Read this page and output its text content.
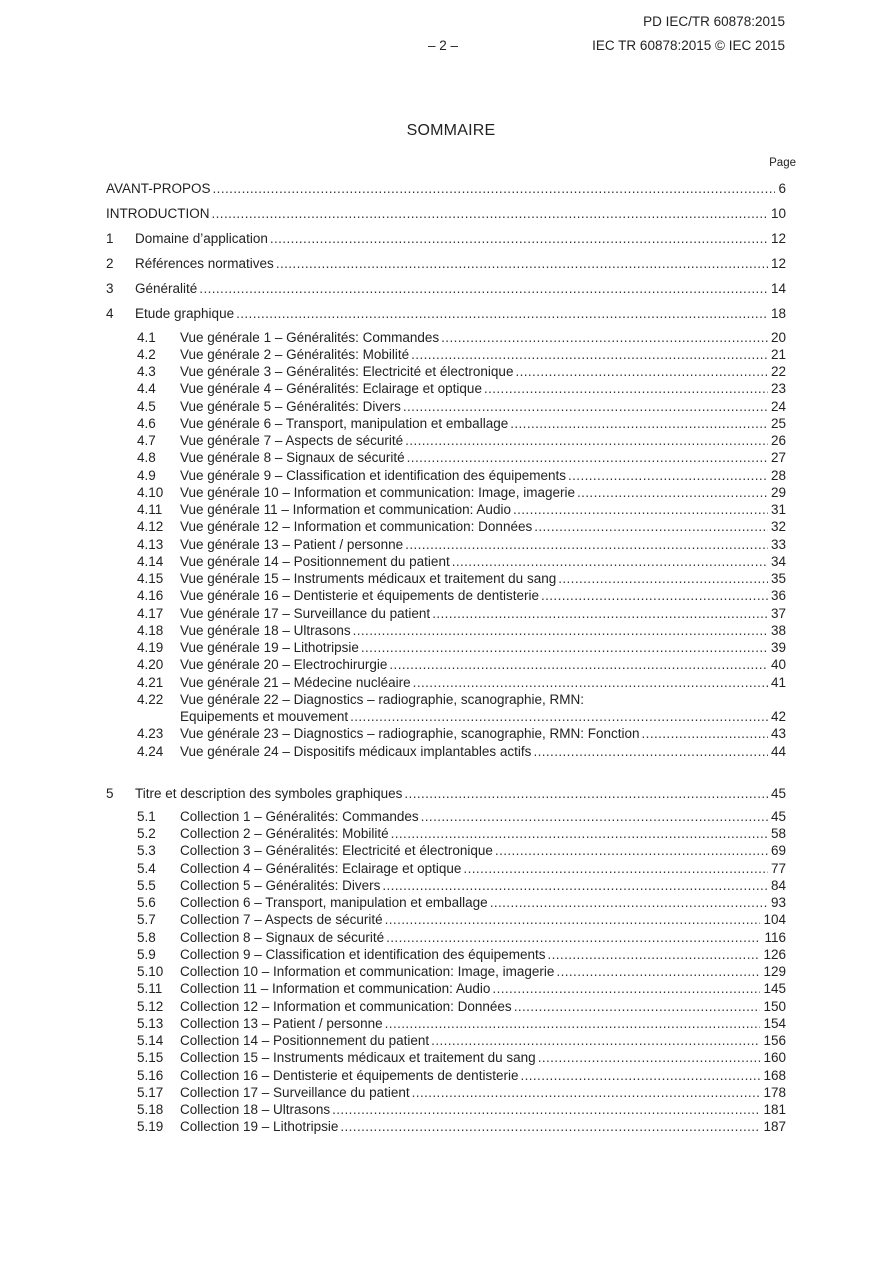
PD IEC/TR 60878:2015
– 2 –	IEC TR 60878:2015 © IEC 2015
SOMMAIRE
Page
AVANT-PROPOS .....	6
INTRODUCTION .....	10
1	Domaine d’application .....	12
2	Références normatives .....	12
3	Généralité .....	14
4	Etude graphique .....	18
4.1	Vue générale 1 – Généralités: Commandes .....	20
4.2	Vue générale 2 – Généralités: Mobilité .....	21
4.3	Vue générale 3 – Généralités: Electricité et électronique .....	22
4.4	Vue générale 4 – Généralités: Eclairage et optique .....	23
4.5	Vue générale 5 – Généralités: Divers .....	24
4.6	Vue générale 6 – Transport, manipulation et emballage .....	25
4.7	Vue générale 7 – Aspects de sécurité .....	26
4.8	Vue générale 8 – Signaux de sécurité .....	27
4.9	Vue générale 9 – Classification et identification des équipements .....	28
4.10	Vue générale 10 – Information et communication: Image, imagerie .....	29
4.11	Vue générale 11 – Information et communication: Audio .....	31
4.12	Vue générale 12 – Information et communication: Données .....	32
4.13	Vue générale 13 – Patient / personne .....	33
4.14	Vue générale 14 – Positionnement du patient .....	34
4.15	Vue générale 15 – Instruments médicaux et traitement du sang .....	35
4.16	Vue générale 16 – Dentisterie et équipements de dentisterie .....	36
4.17	Vue générale 17 – Surveillance du patient .....	37
4.18	Vue générale 18 – Ultrasons .....	38
4.19	Vue générale 19 – Lithotripsie .....	39
4.20	Vue générale 20 – Electrochirurgie .....	40
4.21	Vue générale 21 – Médecine nucléaire .....	41
4.22	Vue générale 22 – Diagnostics – radiographie, scanographie, RMN:
Equipements et mouvement .....	42
4.23	Vue générale 23 – Diagnostics – radiographie, scanographie, RMN: Fonction .....	43
4.24	Vue générale 24 – Dispositifs médicaux implantables actifs .....	44
5	Titre et description des symboles graphiques .....	45
5.1	Collection 1 – Généralités: Commandes .....	45
5.2	Collection 2 – Généralités: Mobilité .....	58
5.3	Collection 3 – Généralités: Electricité et électronique .....	69
5.4	Collection 4 – Généralités: Eclairage et optique .....	77
5.5	Collection 5 – Généralités: Divers .....	84
5.6	Collection 6 – Transport, manipulation et emballage .....	93
5.7	Collection 7 – Aspects de sécurité .....	104
5.8	Collection 8 – Signaux de sécurité .....	116
5.9	Collection 9 – Classification et identification des équipements .....	126
5.10	Collection 10 – Information et communication: Image, imagerie .....	129
5.11	Collection 11 – Information et communication: Audio .....	145
5.12	Collection 12 – Information et communication: Données .....	150
5.13	Collection 13 – Patient / personne .....	154
5.14	Collection 14 – Positionnement du patient .....	156
5.15	Collection 15 – Instruments médicaux et traitement du sang .....	160
5.16	Collection 16 – Dentisterie et équipements de dentisterie .....	168
5.17	Collection 17 – Surveillance du patient .....	178
5.18	Collection 18 – Ultrasons .....	181
5.19	Collection 19 – Lithotripsie .....	187
